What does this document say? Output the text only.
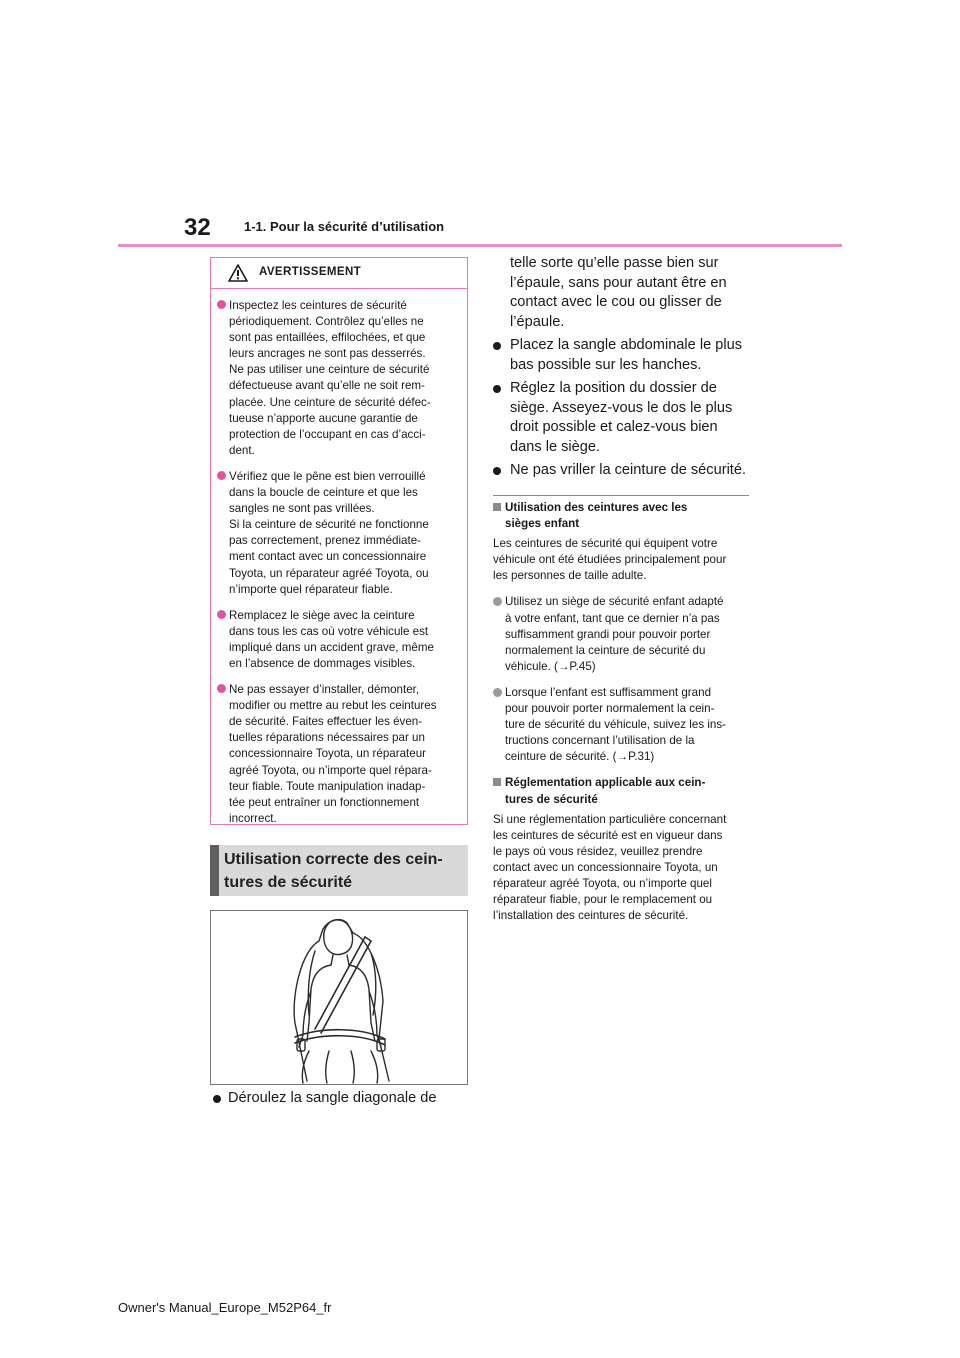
32	1-1. Pour la sécurité d’utilisation
AVERTISSEMENT
Inspectez les ceintures de sécurité
périodiquement. Contrôlez qu’elles ne
sont pas entaillées, effilochées, et que
leurs ancrages ne sont pas desserrés.
Ne pas utiliser une ceinture de sécurité
défectueuse avant qu’elle ne soit rem-
placée. Une ceinture de sécurité défec-
tueuse n’apporte aucune garantie de
protection de l’occupant en cas d’acci-
dent.
Vérifiez que le pêne est bien verrouillé
dans la boucle de ceinture et que les
sangles ne sont pas vrillées.
Si la ceinture de sécurité ne fonctionne
pas correctement, prenez immédiate-
ment contact avec un concessionnaire
Toyota, un réparateur agréé Toyota, ou
n’importe quel réparateur fiable.
Remplacez le siège avec la ceinture
dans tous les cas où votre véhicule est
impliqué dans un accident grave, même
en l’absence de dommages visibles.
Ne pas essayer d’installer, démonter,
modifier ou mettre au rebut les ceintures
de sécurité. Faites effectuer les éven-
tuelles réparations nécessaires par un
concessionnaire Toyota, un réparateur
agréé Toyota, ou n’importe quel répara-
teur fiable. Toute manipulation inadap-
tée peut entraîner un fonctionnement
incorrect.
Utilisation correcte des cein-
tures de sécurité
Déroulez la sangle diagonale de
telle sorte qu’elle passe bien sur
l’épaule, sans pour autant être en
contact avec le cou ou glisser de
l’épaule.
Placez la sangle abdominale le plus
bas possible sur les hanches.
Réglez la position du dossier de
siège. Asseyez-vous le dos le plus
droit possible et calez-vous bien
dans le siège.
Ne pas vriller la ceinture de sécurité.
Utilisation des ceintures avec les
sièges enfant
Les ceintures de sécurité qui équipent votre
véhicule ont été étudiées principalement pour
les personnes de taille adulte.
Utilisez un siège de sécurité enfant adapté
à votre enfant, tant que ce dernier n’a pas
suffisamment grandi pour pouvoir porter
normalement la ceinture de sécurité du
véhicule. (→P.45)
Lorsque l’enfant est suffisamment grand
pour pouvoir porter normalement la cein-
ture de sécurité du véhicule, suivez les ins-
tructions concernant l’utilisation de la
ceinture de sécurité. (→P.31)
Réglementation applicable aux cein-
tures de sécurité
Si une réglementation particulière concernant
les ceintures de sécurité est en vigueur dans
le pays où vous résidez, veuillez prendre
contact avec un concessionnaire Toyota, un
réparateur agréé Toyota, ou n’importe quel
réparateur fiable, pour le remplacement ou
l’installation des ceintures de sécurité.
Owner's Manual_Europe_M52P64_fr
